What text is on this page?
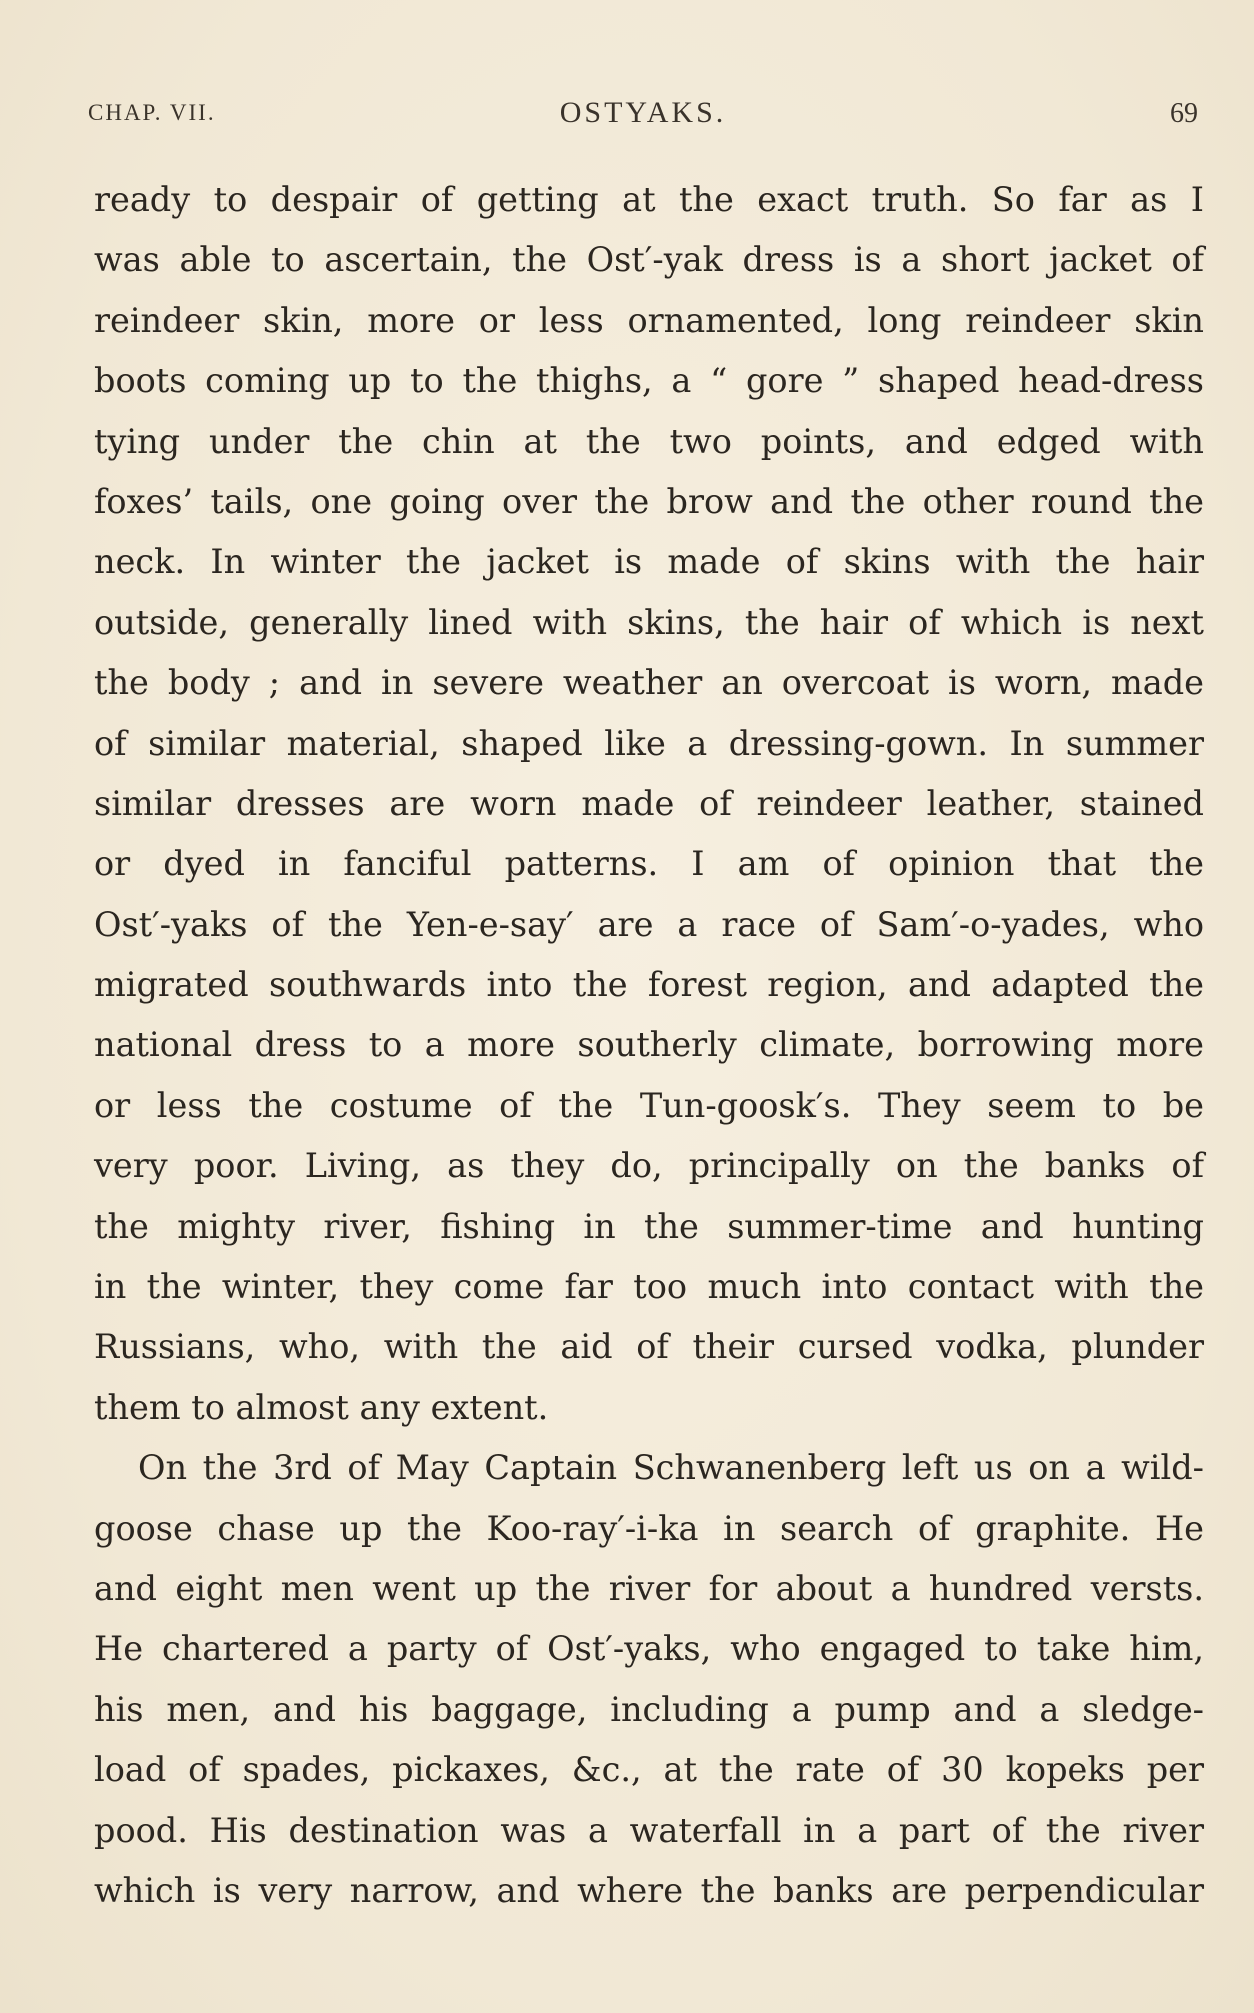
CHAP. VII.	OSTYAKS.	69
ready to despair of getting at the exact truth. So far as I
was able to ascertain, the Ost′-yak dress is a short jacket of
reindeer skin, more or less ornamented, long reindeer skin
boots coming up to the thighs, a “ gore ” shaped head-dress
tying under the chin at the two points, and edged with
foxes’ tails, one going over the brow and the other round the
neck. In winter the jacket is made of skins with the hair
outside, generally lined with skins, the hair of which is next
the body ; and in severe weather an overcoat is worn, made
of similar material, shaped like a dressing-gown. In summer
similar dresses are worn made of reindeer leather, stained
or dyed in fanciful patterns. I am of opinion that the
Ost′-yaks of the Yen-e-say′ are a race of Sam′-o-yades, who
migrated southwards into the forest region, and adapted the
national dress to a more southerly climate, borrowing more
or less the costume of the Tun-goosk′s. They seem to be
very poor. Living, as they do, principally on the banks of
the mighty river, fishing in the summer-time and hunting
in the winter, they come far too much into contact with the
Russians, who, with the aid of their cursed vodka, plunder
them to almost any extent.
On the 3rd of May Captain Schwanenberg left us on a wild-
goose chase up the Koo-ray′-i-ka in search of graphite. He
and eight men went up the river for about a hundred versts.
He chartered a party of Ost′-yaks, who engaged to take him,
his men, and his baggage, including a pump and a sledge-
load of spades, pickaxes, &c., at the rate of 30 kopeks per
pood. His destination was a waterfall in a part of the river
which is very narrow, and where the banks are perpendicular
